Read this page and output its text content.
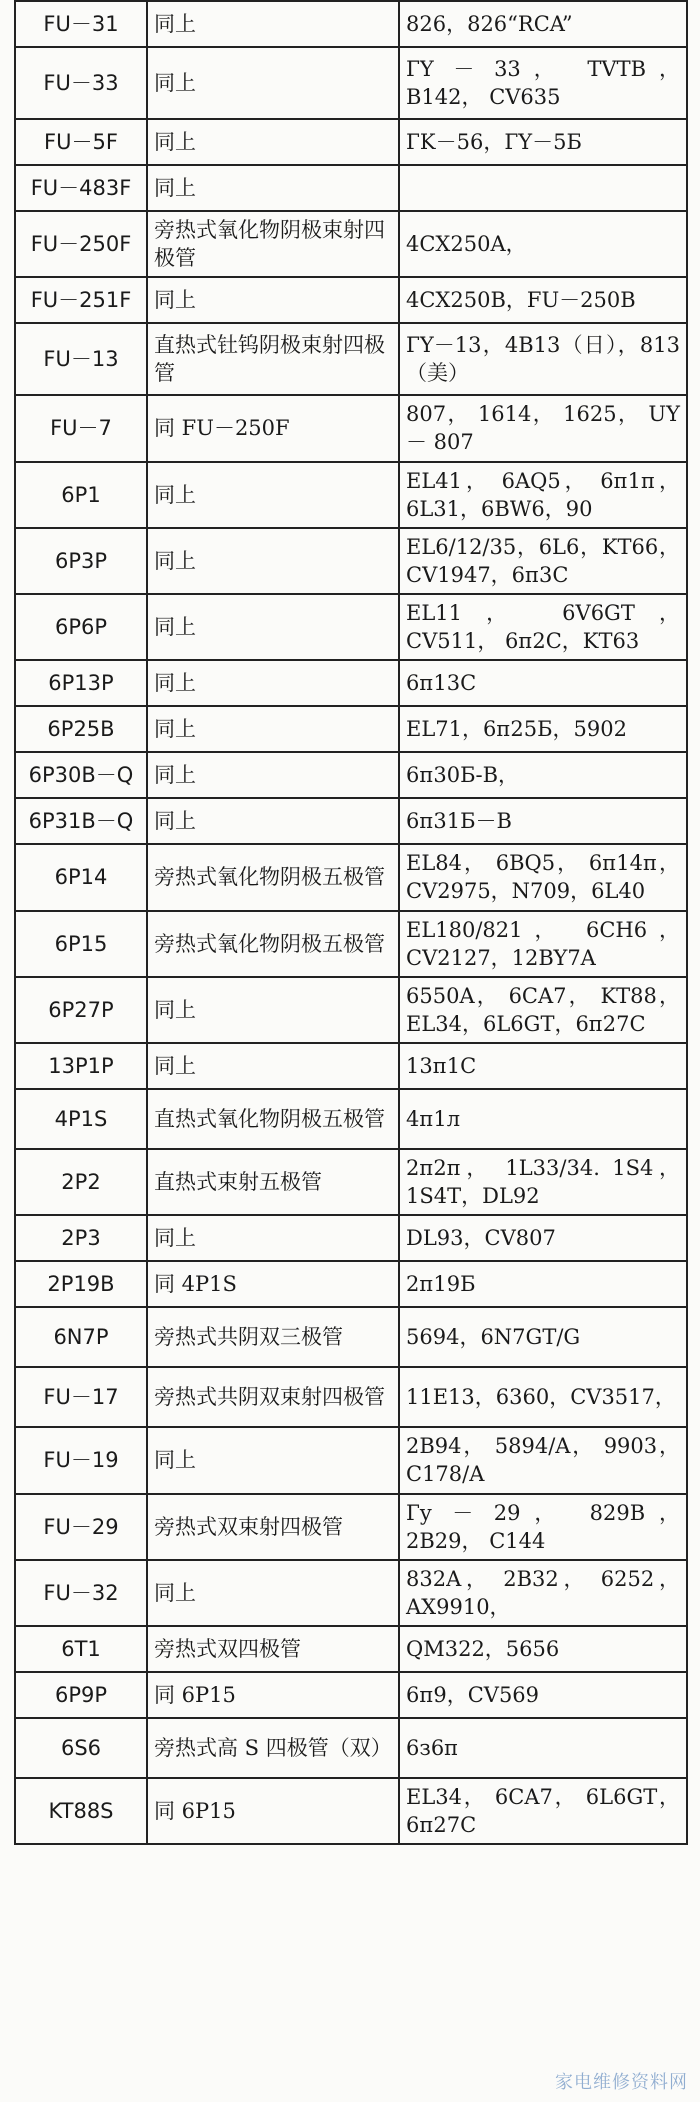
FU－31	同上	826，826“RCA”
FU－33	同上	ГY － 33， TVTB， B142， CV635
FU－5F	同上	ГK－56，ГY－5Б
FU－483F	同上	
FU－250F	旁热式氧化物阴极束射四极管	4CX250A，
FU－251F	同上	4CX250B，FU－250B
FU－13	直热式钍钨阴极束射四极管	ГY－13，4B13（日），813（美）
FU－7	同 FU－250F	807， 1614， 1625， UY － 807
6P1	同上	EL41， 6AQ5， 6п1п， 6L31，6BW6，90
6P3P	同上	EL6/12/35，6L6，KT66，CV1947，6п3C
6P6P	同上	EL11， 6V6GT， CV511， 6п2C，KT63
6P13P	同上	6п13C
6P25B	同上	EL71，6п25Б，5902
6P30B－Q	同上	6п30Б-B，
6P31B－Q	同上	6п31Б－B
6P14	旁热式氧化物阴极五极管	EL84， 6BQ5， 6п14п， CV2975，N709，6L40
6P15	旁热式氧化物阴极五极管	EL180/821， 6CH6， CV2127，12BY7A
6P27P	同上	6550A， 6CA7， KT88， EL34，6L6GT，6п27C
13P1P	同上	13п1C
4P1S	直热式氧化物阴极五极管	4п1л
2P2	直热式束射五极管	2п2п， 1L33/34. 1S4， 1S4T，DL92
2P3	同上	DL93，CV807
2P19B	同 4P1S	2п19Б
6N7P	旁热式共阴双三极管	5694，6N7GT/G
FU－17	旁热式共阴双束射四极管	11E13，6360，CV3517，
FU－19	同上	2B94， 5894/A， 9903， C178/A
FU－29	旁热式双束射四极管	Гy － 29， 829B， 2B29， C144
FU－32	同上	832A， 2B32， 6252， AX9910，
6T1	旁热式双四极管	QM322，5656
6P9P	同 6P15	6п9，CV569
6S6	旁热式高 S 四极管（双）	6з6п
KT88S	同 6P15	EL34， 6CA7， 6L6GT， 6п27C
家电维修资料网
